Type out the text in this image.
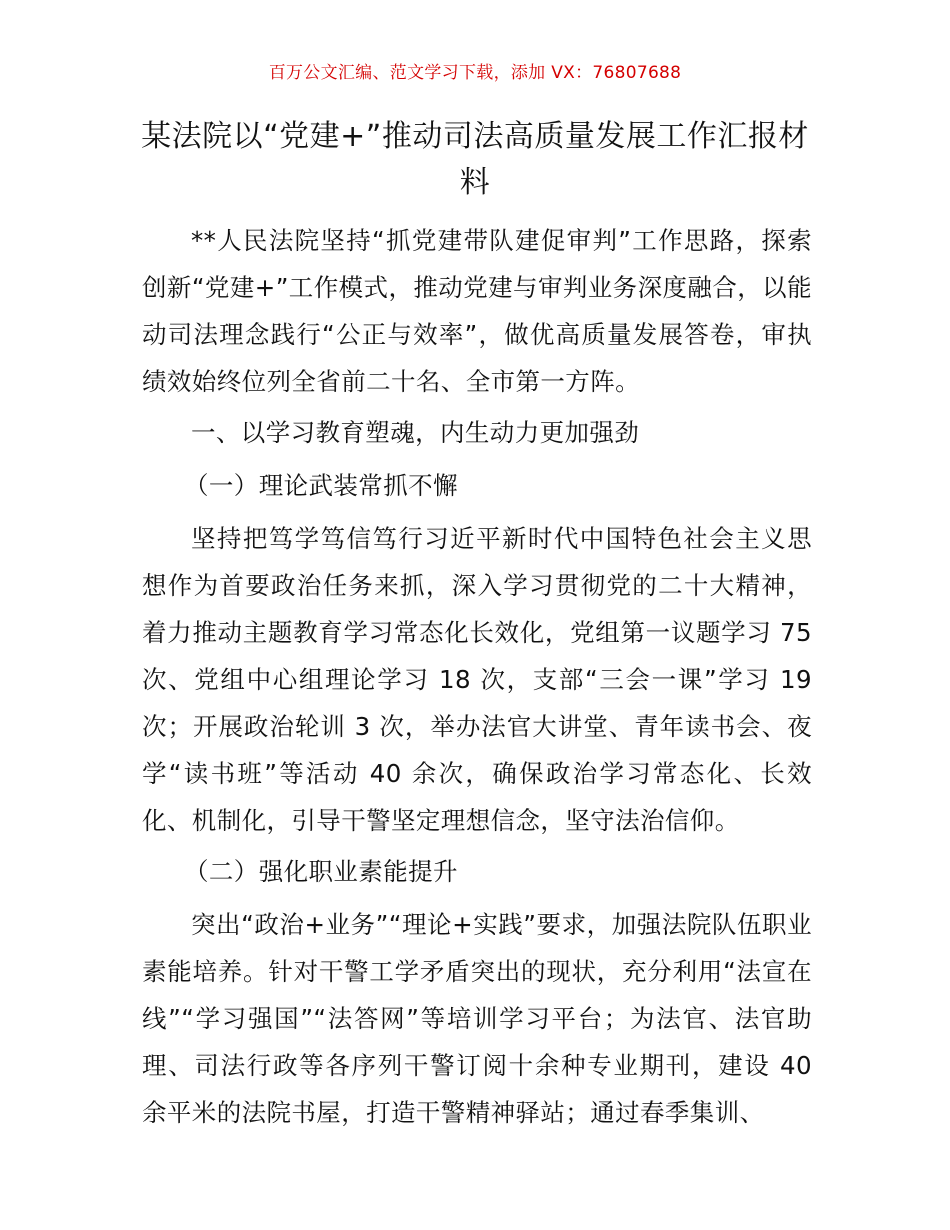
百万公文汇编、范文学习下载，添加 VX：76807688
某法院以“党建+”推动司法高质量发展工作汇报材料

**人民法院坚持“抓党建带队建促审判”工作思路，探索创新“党建+”工作模式，推动党建与审判业务深度融合，以能动司法理念践行“公正与效率”，做优高质量发展答卷，审执绩效始终位列全省前二十名、全市第一方阵。

一、以学习教育塑魂，内生动力更加强劲

（一）理论武装常抓不懈

坚持把笃学笃信笃行习近平新时代中国特色社会主义思想作为首要政治任务来抓，深入学习贯彻党的二十大精神，着力推动主题教育学习常态化长效化，党组第一议题学习 75 次、党组中心组理论学习 18 次，支部“三会一课”学习 19 次；开展政治轮训 3 次，举办法官大讲堂、青年读书会、夜学“读书班”等活动 40 余次，确保政治学习常态化、长效化、机制化，引导干警坚定理想信念，坚守法治信仰。

（二）强化职业素能提升

突出“政治+业务”“理论+实践”要求，加强法院队伍职业素能培养。针对干警工学矛盾突出的现状，充分利用“法宣在线”“学习强国”“法答网”等培训学习平台；为法官、法官助理、司法行政等各序列干警订阅十余种专业期刊，建设 40 余平米的法院书屋，打造干警精神驿站；通过春季集训、
